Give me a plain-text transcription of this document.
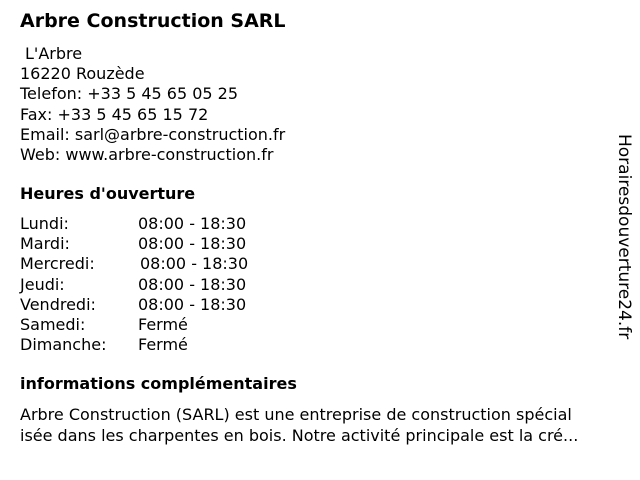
Arbre Construction SARL
L'Arbre
16220 Rouzède
Telefon: +33 5 45 65 05 25
Fax: +33 5 45 65 15 72
Email: sarl@arbre-construction.fr
Web: www.arbre-construction.fr
Heures d'ouverture
Lundi:	08:00 - 18:30
Mardi:	08:00 - 18:30
Mercredi:	08:00 - 18:30
Jeudi:	08:00 - 18:30
Vendredi:	08:00 - 18:30
Samedi:	Fermé
Dimanche: Fermé
informations complémentaires
Arbre Construction (SARL) est une entreprise de construction spécial
isée dans les charpentes en bois. Notre activité principale est la cré...
Horairesdouverture24.fr
